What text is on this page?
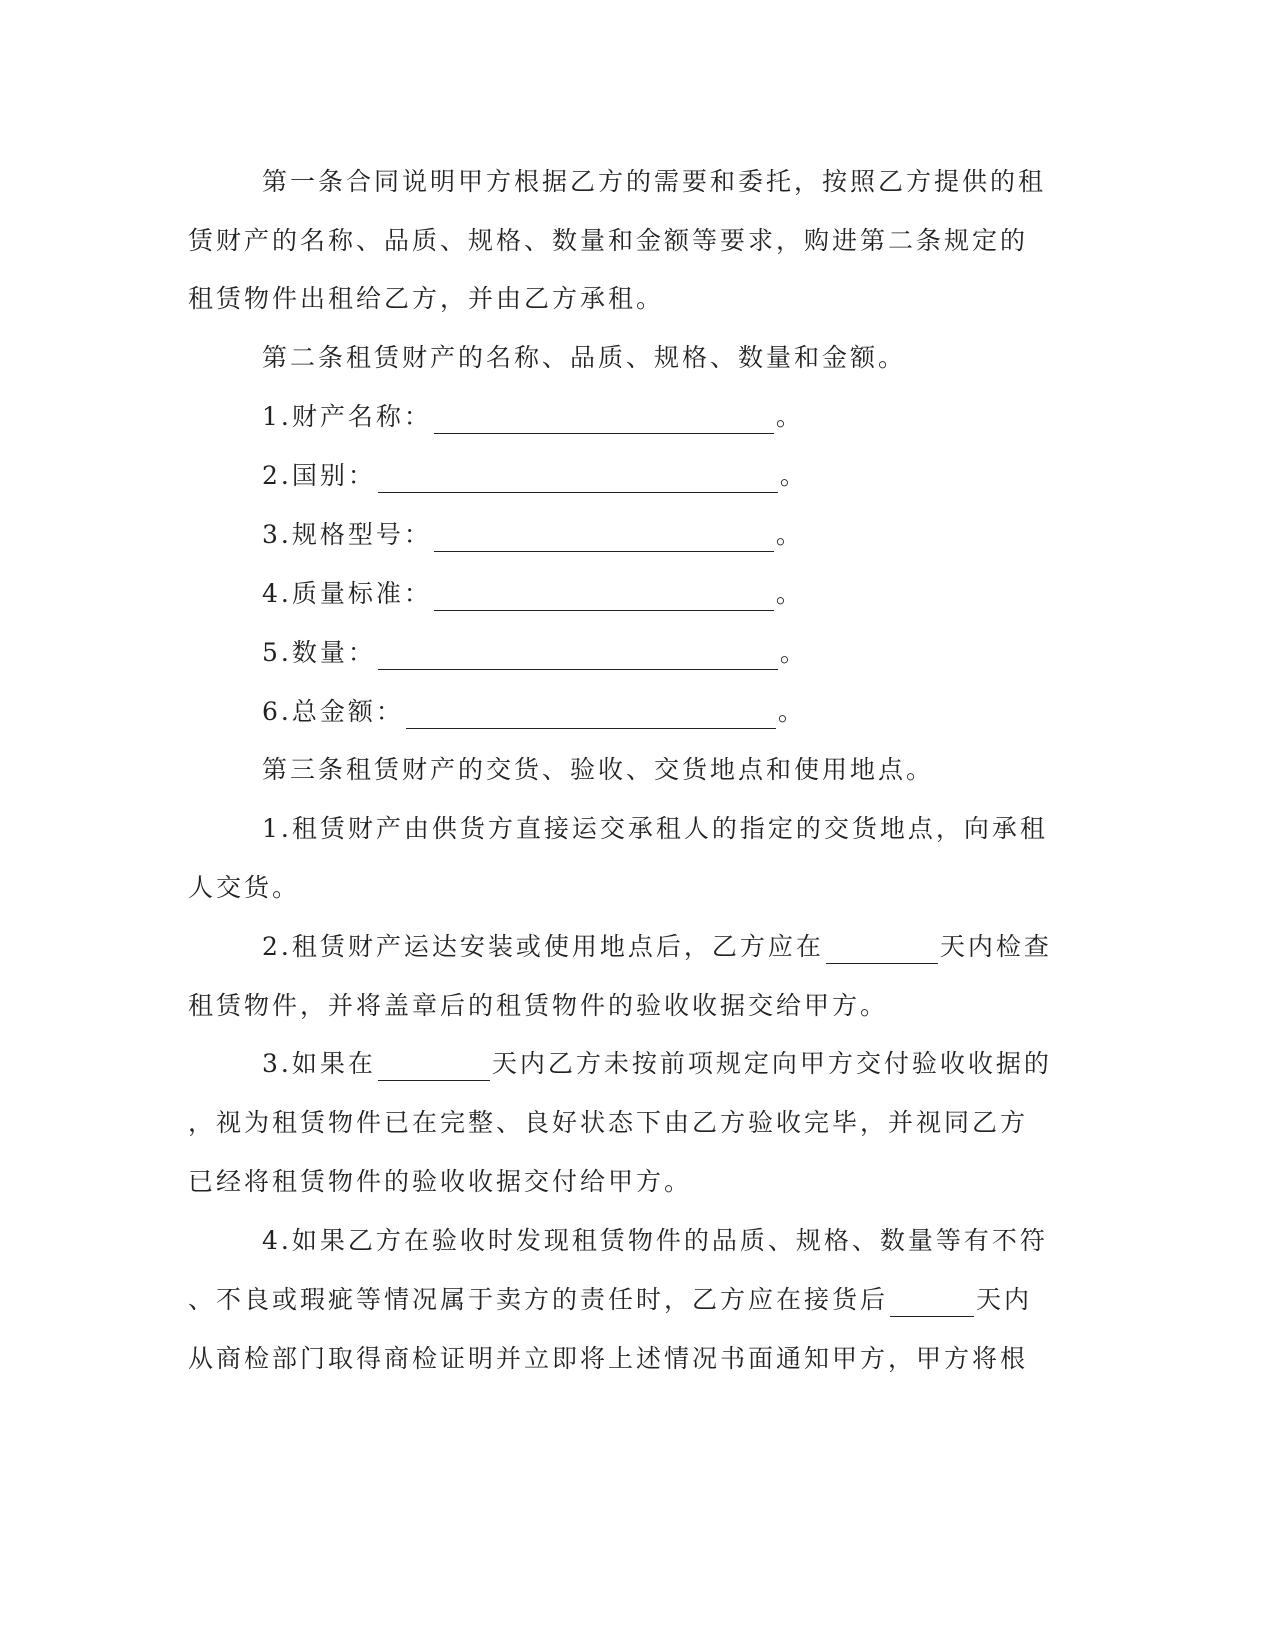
第一条合同说明甲方根据乙方的需要和委托，按照乙方提供的租
赁财产的名称、品质、规格、数量和金额等要求，购进第二条规定的
租赁物件出租给乙方，并由乙方承租。
第二条租赁财产的名称、品质、规格、数量和金额。
1.财产名称：	。
2.国别：	。
3.规格型号：	。
4.质量标准：	。
5.数量：	。
6.总金额：	。
第三条租赁财产的交货、验收、交货地点和使用地点。
1.租赁财产由供货方直接运交承租人的指定的交货地点，向承租
人交货。
2.租赁财产运达安装或使用地点后，乙方应在	天内检查
租赁物件，并将盖章后的租赁物件的验收收据交给甲方。
3.如果在	天内乙方未按前项规定向甲方交付验收收据的
，视为租赁物件已在完整、良好状态下由乙方验收完毕，并视同乙方
已经将租赁物件的验收收据交付给甲方。
4.如果乙方在验收时发现租赁物件的品质、规格、数量等有不符
、不良或瑕疵等情况属于卖方的责任时，乙方应在接货后	天内
从商检部门取得商检证明并立即将上述情况书面通知甲方，甲方将根
